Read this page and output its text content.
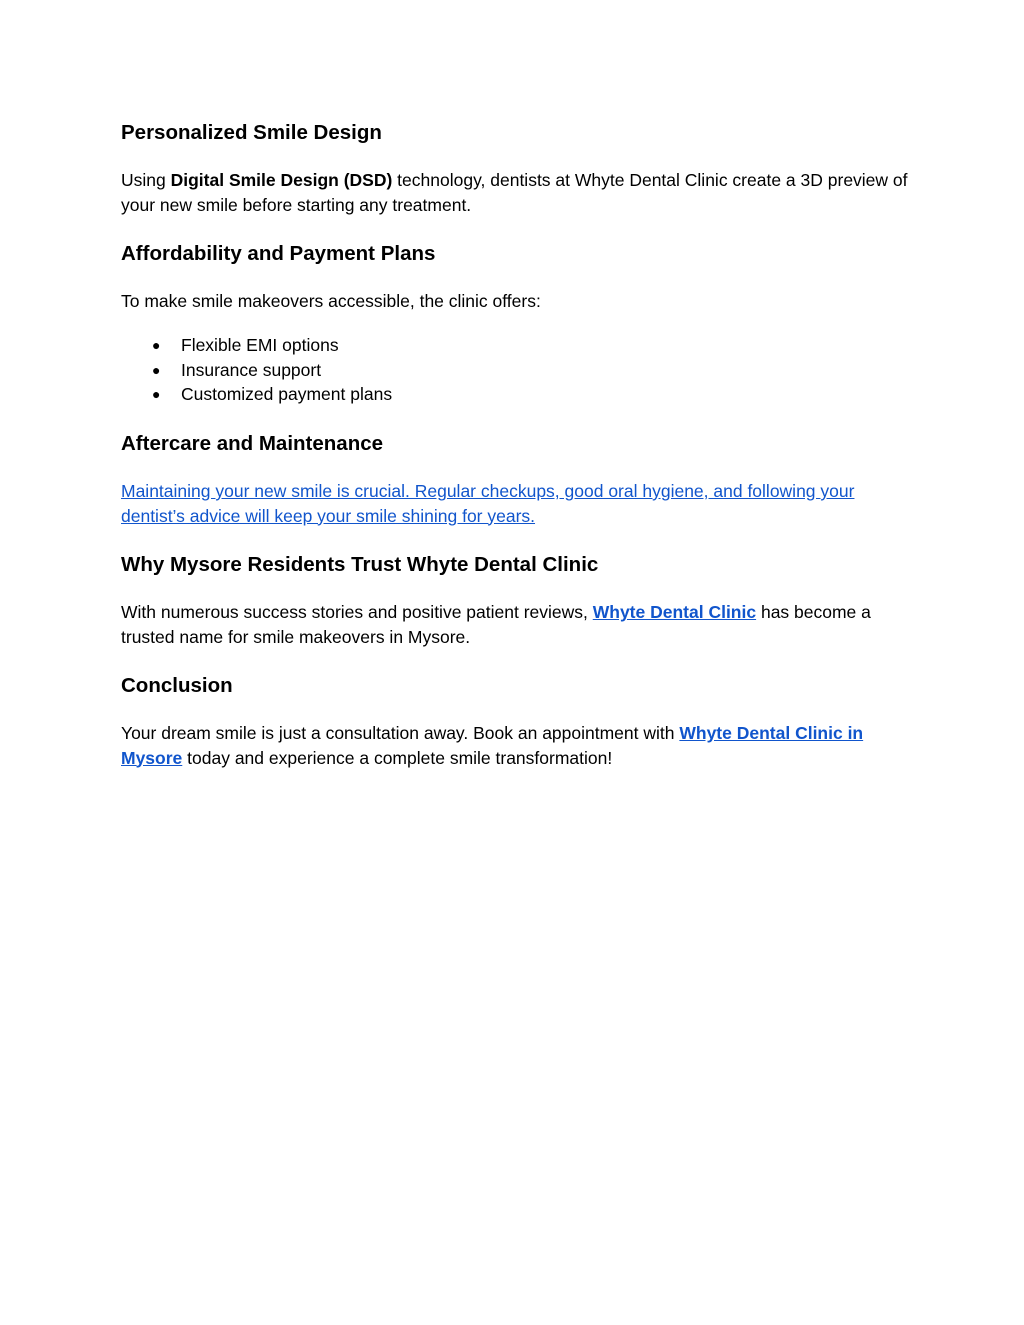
Personalized Smile Design

Using Digital Smile Design (DSD) technology, dentists at Whyte Dental Clinic create a 3D preview of your new smile before starting any treatment.

Affordability and Payment Plans

To make smile makeovers accessible, the clinic offers:

● Flexible EMI options
● Insurance support
● Customized payment plans
Aftercare and Maintenance

Maintaining your new smile is crucial. Regular checkups, good oral hygiene, and following your dentist’s advice will keep your smile shining for years.

Why Mysore Residents Trust Whyte Dental Clinic

With numerous success stories and positive patient reviews, Whyte Dental Clinic has become a trusted name for smile makeovers in Mysore.

Conclusion

Your dream smile is just a consultation away. Book an appointment with Whyte Dental Clinic in Mysore today and experience a complete smile transformation!
